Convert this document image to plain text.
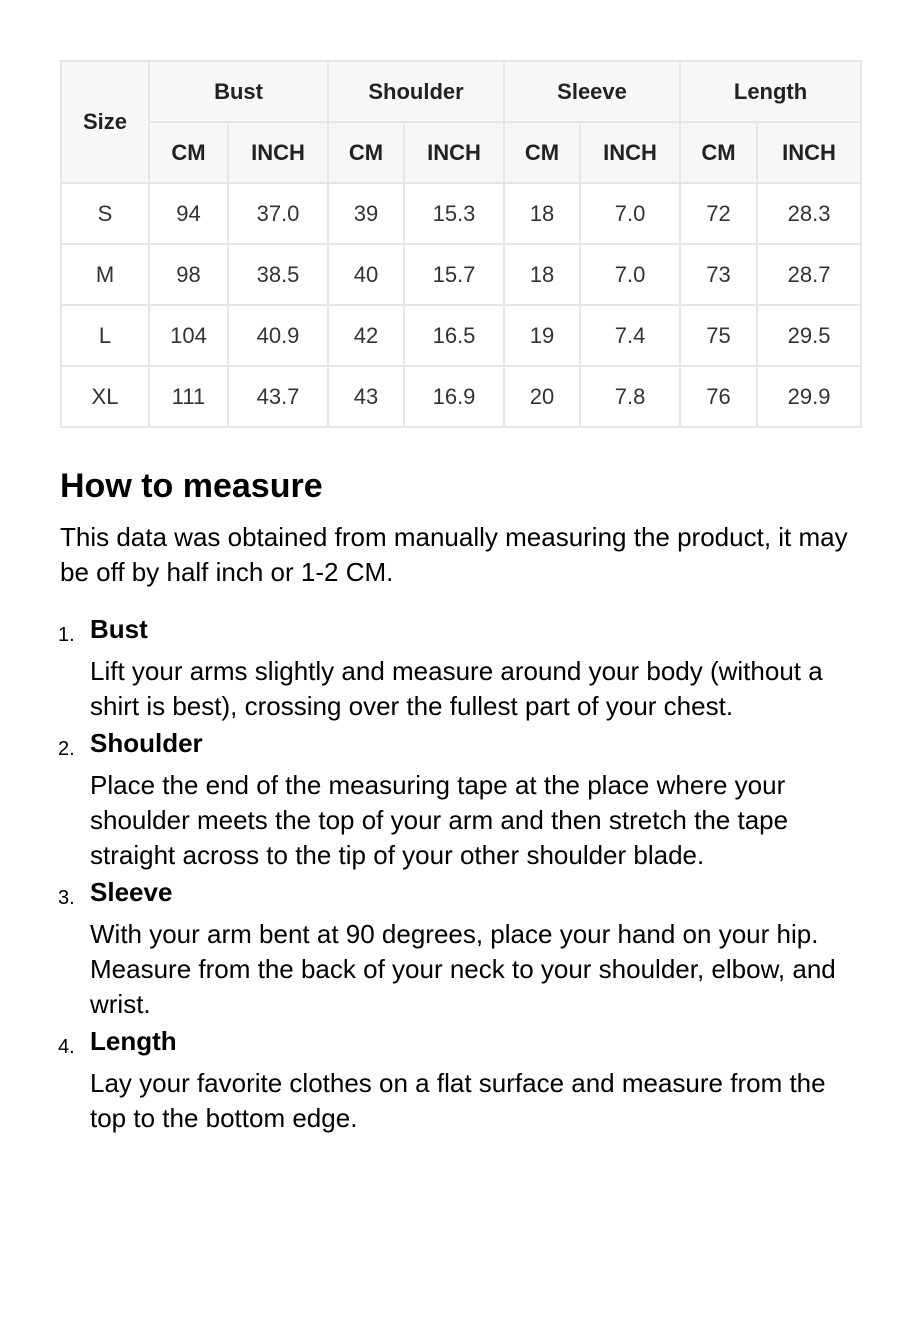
Size	Bust		Shoulder		Sleeve		Length	
	CM	INCH	CM	INCH	CM	INCH	CM	INCH
S	94	37.0	39	15.3	18	7.0	72	28.3
M	98	38.5	40	15.7	18	7.0	73	28.7
L	104	40.9	42	16.5	19	7.4	75	29.5
XL	111	43.7	43	16.9	20	7.8	76	29.9
How to measure

This data was obtained from manually measuring the product, it may be off by half inch or 1-2 CM.

1. Bust

Lift your arms slightly and measure around your body (without a shirt is best), crossing over the fullest part of your chest.

2. Shoulder

Place the end of the measuring tape at the place where your shoulder meets the top of your arm and then stretch the tape straight across to the tip of your other shoulder blade.

3. Sleeve

With your arm bent at 90 degrees, place your hand on your hip. Measure from the back of your neck to your shoulder, elbow, and wrist.

4. Length

Lay your favorite clothes on a flat surface and measure from the top to the bottom edge.
